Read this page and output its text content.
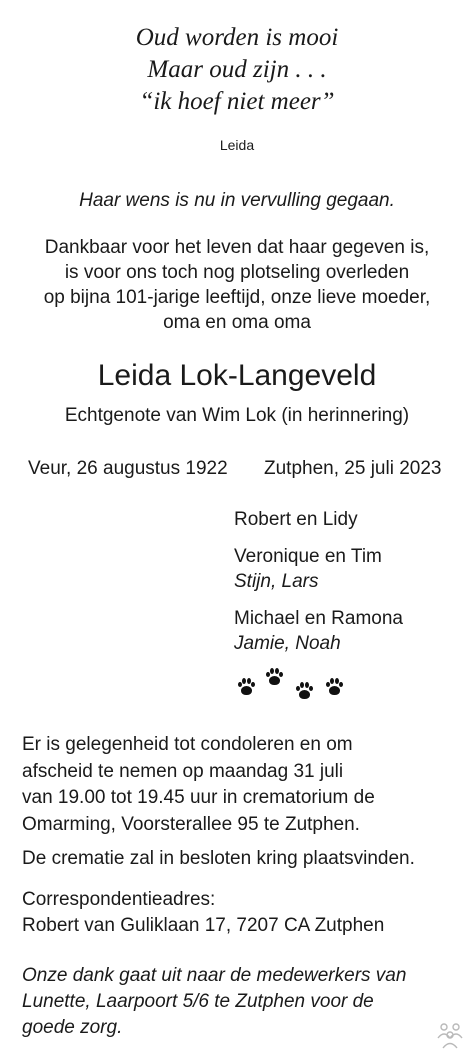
Oud worden is mooi
Maar oud zijn . . .
“ik hoef niet meer”
Leida
Haar wens is nu in vervulling gegaan.
Dankbaar voor het leven dat haar gegeven is,
is voor ons toch nog plotseling overleden
op bijna 101-jarige leeftijd, onze lieve moeder,
oma en oma oma
Leida Lok-Langeveld
Echtgenote van Wim Lok (in herinnering)
Veur, 26 augustus 1922 Zutphen, 25 juli 2023
Robert en Lidy
Veronique en Tim
Stijn, Lars
Michael en Ramona
Jamie, Noah
Er is gelegenheid tot condoleren en om
afscheid te nemen op maandag 31 juli
van 19.00 tot 19.45 uur in crematorium de
Omarming, Voorsterallee 95 te Zutphen.
De crematie zal in besloten kring plaatsvinden.
Correspondentieadres:
Robert van Guliklaan 17, 7207 CA Zutphen
Onze dank gaat uit naar de medewerkers van
Lunette, Laarpoort 5/6 te Zutphen voor de
goede zorg.
